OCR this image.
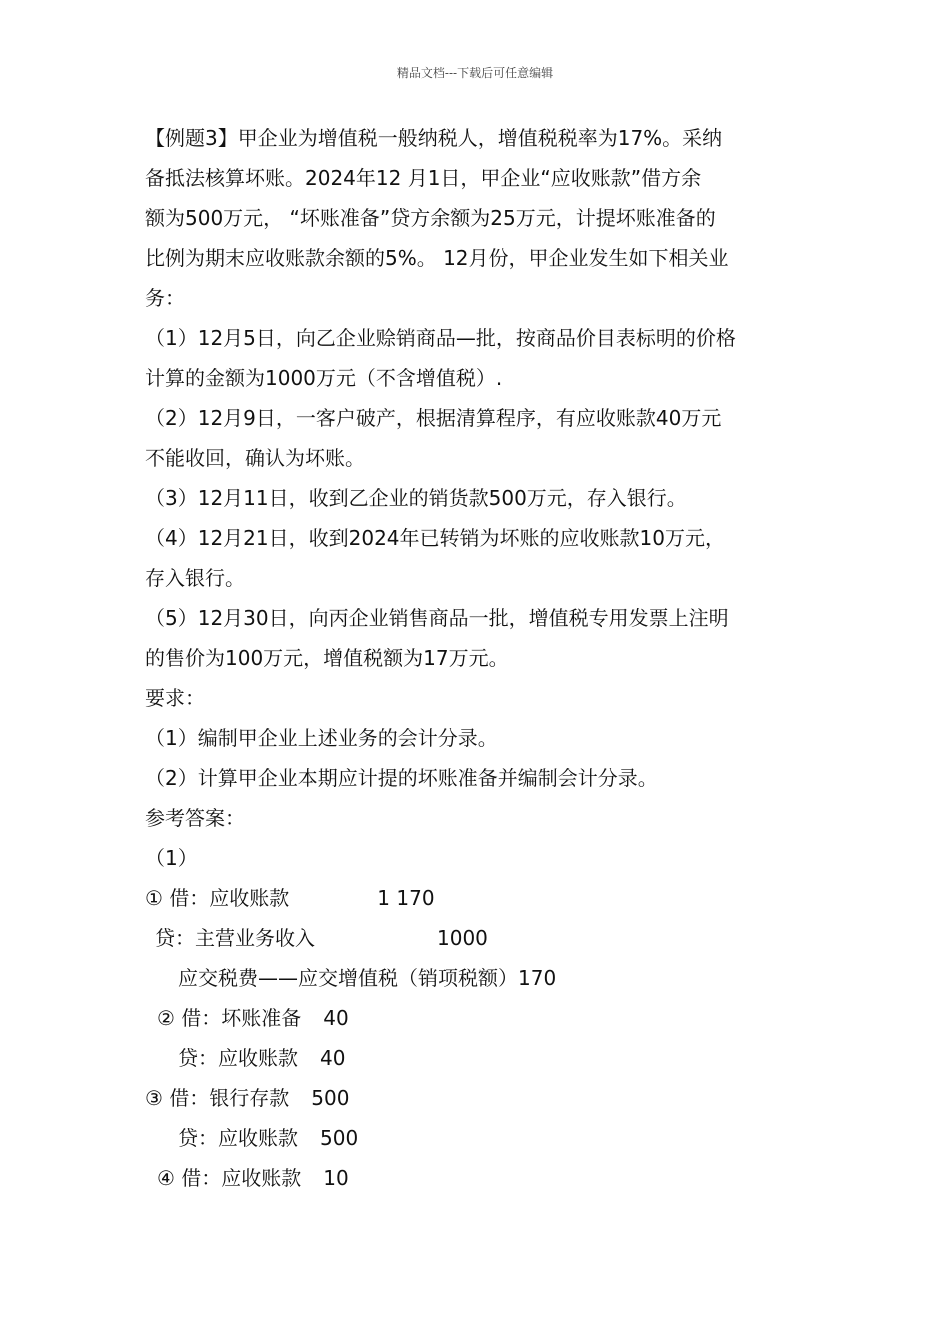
精品文档---下载后可任意编辑
【例题3】甲企业为增值税一般纳税人，增值税税率为17%。采纳
备抵法核算坏账。2024年12 月1日，甲企业“应收账款”借方余
额为500万元， “坏账准备”贷方余额为25万元，计提坏账准备的
比例为期末应收账款余额的5%。 12月份，甲企业发生如下相关业
务：
（1）12月5日，向乙企业赊销商品—批，按商品价目表标明的价格
计算的金额为1000万元（不含增值税）.
（2）12月9日，一客户破产，根据清算程序，有应收账款40万元
不能收回，确认为坏账。
（3）12月11日，收到乙企业的销货款500万元，存入银行。
（4）12月21日，收到2024年已转销为坏账的应收账款10万元，
存入银行。
（5）12月30日，向丙企业销售商品一批，增值税专用发票上注明
的售价为100万元，增值税额为17万元。
要求：
（1）编制甲企业上述业务的会计分录。
（2）计算甲企业本期应计提的坏账准备并编制会计分录。
参考答案：
（1）
① 借：应收账款	1 170
贷：主营业务收入	1000
应交税费——应交增值税（销项税额）170
② 借：坏账准备 40
贷：应收账款 40
③ 借：银行存款 500
贷：应收账款 500
④ 借：应收账款 10
